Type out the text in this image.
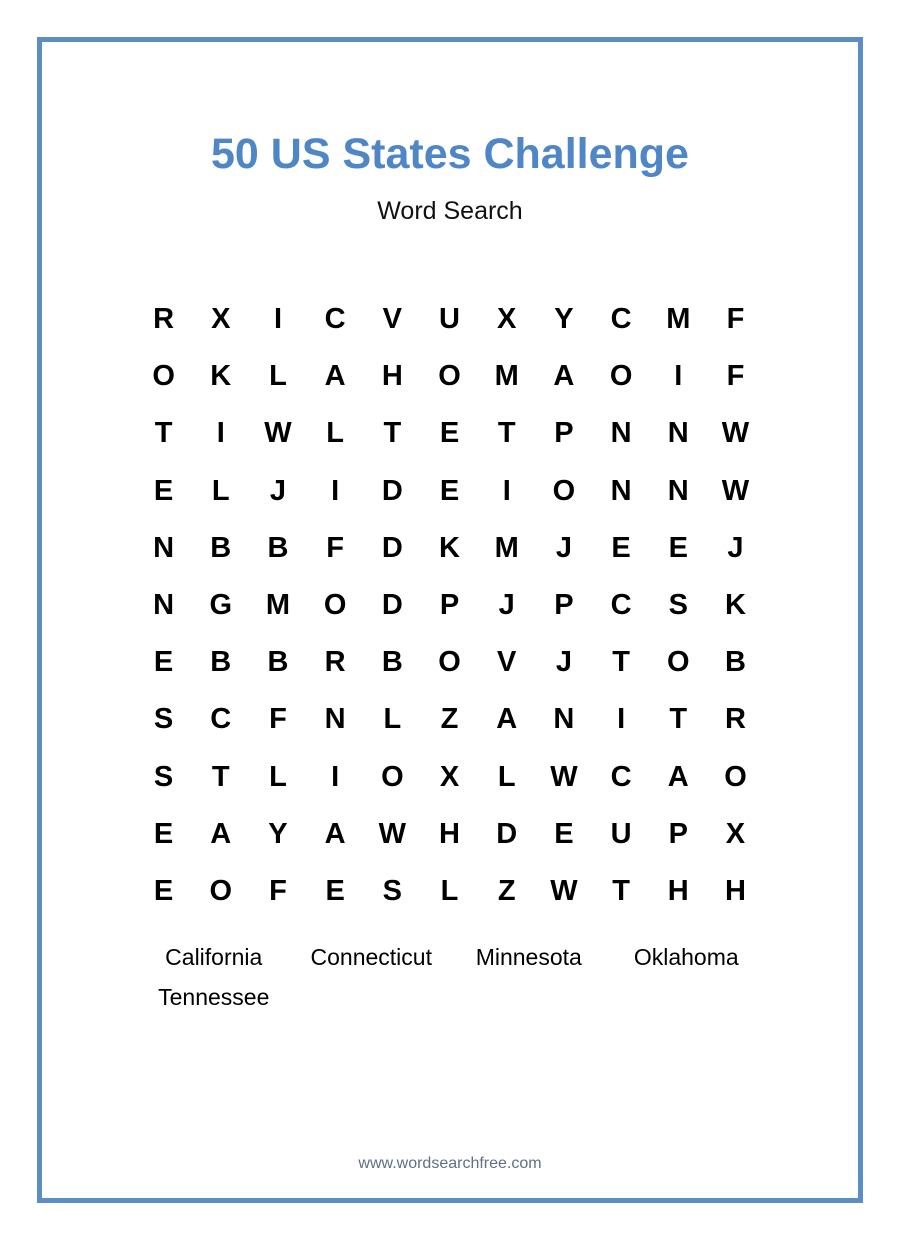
50 US States Challenge
Word Search
R	X	I	C	V	U	X	Y	C	M	F
O	K	L	A	H	O	M	A	O	I	F
T	I	W	L	T	E	T	P	N	N	W
E	L	J	I	D	E	I	O	N	N	W
N	B	B	F	D	K	M	J	E	E	J
N	G	M	O	D	P	J	P	C	S	K
E	B	B	R	B	O	V	J	T	O	B
S	C	F	N	L	Z	A	N	I	T	R
S	T	L	I	O	X	L	W	C	A	O
E	A	Y	A	W	H	D	E	U	P	X
E	O	F	E	S	L	Z	W	T	H	H
California	Connecticut	Minnesota	Oklahoma
Tennessee
www.wordsearchfree.com
